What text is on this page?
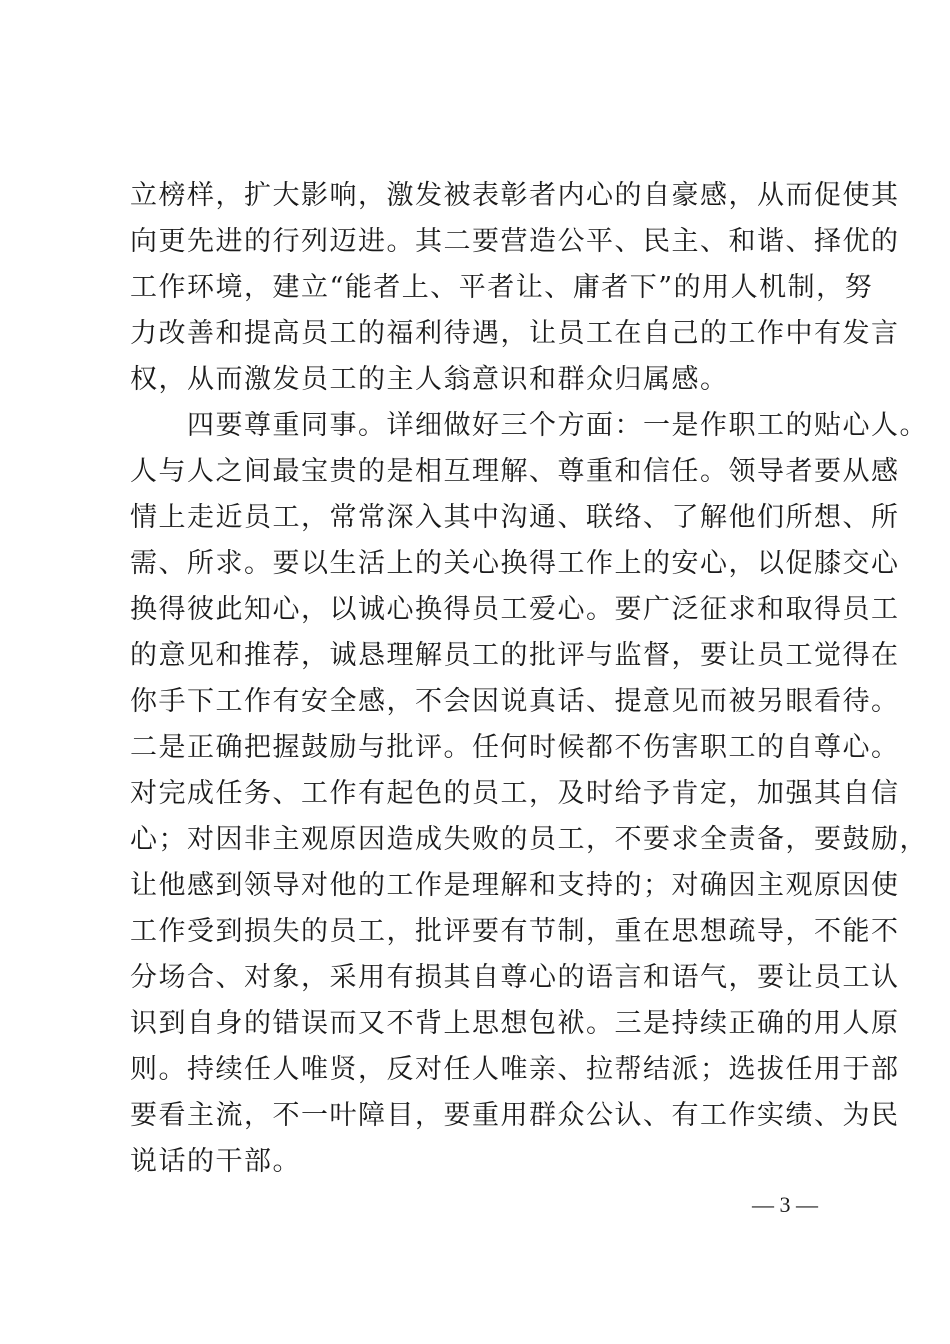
立榜样，扩大影响，激发被表彰者内心的自豪感，从而促使其
向更先进的行列迈进。其二要营造公平、民主、和谐、择优的
工作环境，建立“能者上、平者让、庸者下”的用人机制，努
力改善和提高员工的福利待遇，让员工在自己的工作中有发言
权，从而激发员工的主人翁意识和群众归属感。
　　四要尊重同事。详细做好三个方面：一是作职工的贴心人。
人与人之间最宝贵的是相互理解、尊重和信任。领导者要从感
情上走近员工，常常深入其中沟通、联络、了解他们所想、所
需、所求。要以生活上的关心换得工作上的安心，以促膝交心
换得彼此知心，以诚心换得员工爱心。要广泛征求和取得员工
的意见和推荐，诚恳理解员工的批评与监督，要让员工觉得在
你手下工作有安全感，不会因说真话、提意见而被另眼看待。
二是正确把握鼓励与批评。任何时候都不伤害职工的自尊心。
对完成任务、工作有起色的员工，及时给予肯定，加强其自信
心；对因非主观原因造成失败的员工，不要求全责备，要鼓励，
让他感到领导对他的工作是理解和支持的；对确因主观原因使
工作受到损失的员工，批评要有节制，重在思想疏导，不能不
分场合、对象，采用有损其自尊心的语言和语气，要让员工认
识到自身的错误而又不背上思想包袱。三是持续正确的用人原
则。持续任人唯贤，反对任人唯亲、拉帮结派；选拔任用于部
要看主流，不一叶障目，要重用群众公认、有工作实绩、为民
说话的干部。
— 3 —
